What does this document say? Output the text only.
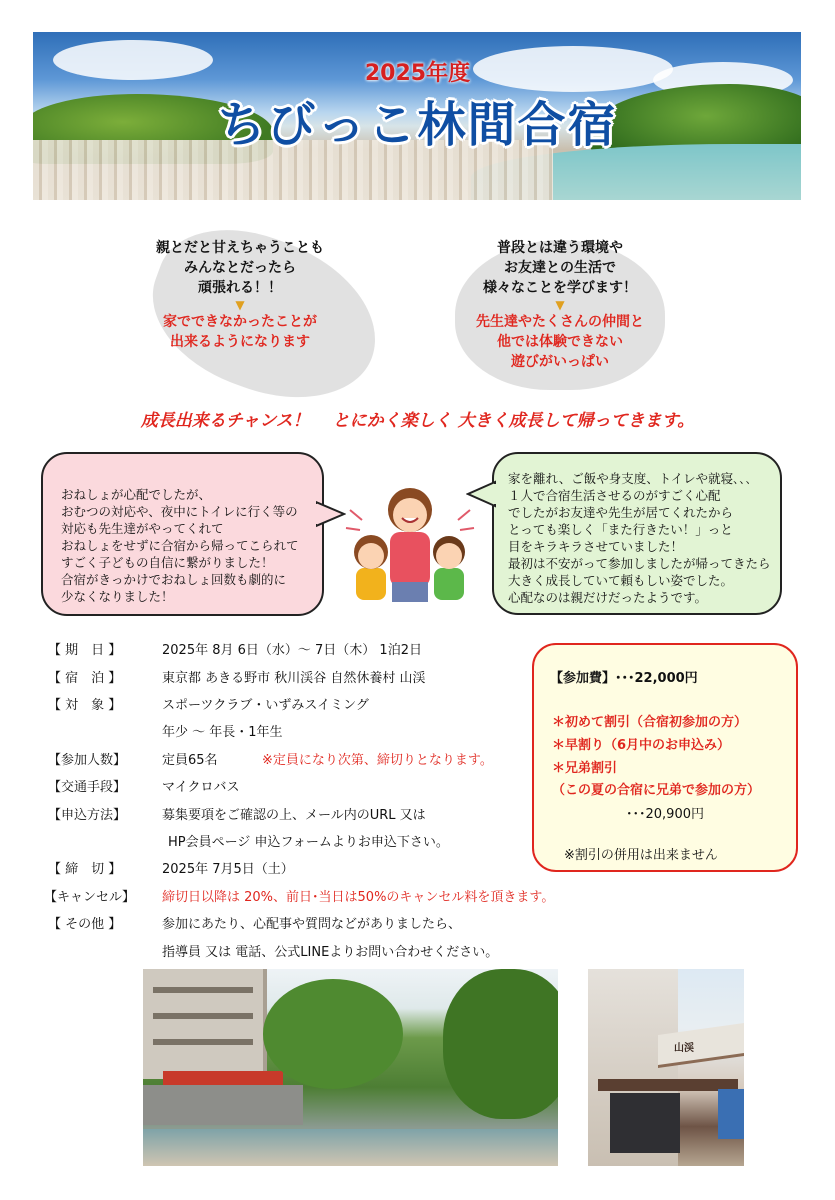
2025年度
ちびっこ林間合宿
親とだと甘えちゃうことも
みんなとだったら
頑張れる！！
▼
家でできなかったことが
出来るようになります
普段とは違う環境や
お友達との生活で
様々なことを学びます！
▼
先生達やたくさんの仲間と
他では体験できない
遊びがいっぱい
成長出来るチャンス！　 とにかく楽しく 大きく成長して帰ってきます。
おねしょが心配でしたが、
おむつの対応や、夜中にトイレに行く等の
対応も先生達がやってくれて
おねしょをせずに合宿から帰ってこられて
すごく子どもの自信に繋がりました！
合宿がきっかけでおねしょ回数も劇的に
少なくなりました！
家を離れ、ご飯や身支度、トイレや就寝､､､
１人で合宿生活させるのがすごく心配
でしたがお友達や先生が居てくれたから
とっても楽しく「また行きたい！」っと
目をキラキラさせていました！
最初は不安がって参加しましたが帰ってきたら
大きく成長していて頼もしい姿でした。
心配なのは親だけだったようです。
【 期　日 】	2025年 8月 6日（水）～ 7日（木） 1泊2日
【 宿　泊 】	東京都 あきる野市 秋川渓谷 自然休養村 山渓
【 対　象 】	スポーツクラブ・いずみスイミング
年少 ～ 年長・1年生
【参加人数】	定員65名	※定員になり次第、締切りとなります。
【交通手段】	マイクロバス
【申込方法】	募集要項をご確認の上、メール内のURL 又は
HP会員ページ 申込フォームよりお申込下さい。
【 締　切 】	2025年 7月5日（土）
【キャンセル】	締切日以降は 20%、前日･当日は50%のキャンセル料を頂きます。
【 その他 】	参加にあたり、心配事や質問などがありましたら、
指導員 又は 電話、公式LINEよりお問い合わせください。
【参加費】･･･22,000円
＊初めて割引（合宿初参加の方）
＊早割り（6月中のお申込み）
＊兄弟割引
（この夏の合宿に兄弟で参加の方）
･･･20,900円
※割引の併用は出来ません
山渓
